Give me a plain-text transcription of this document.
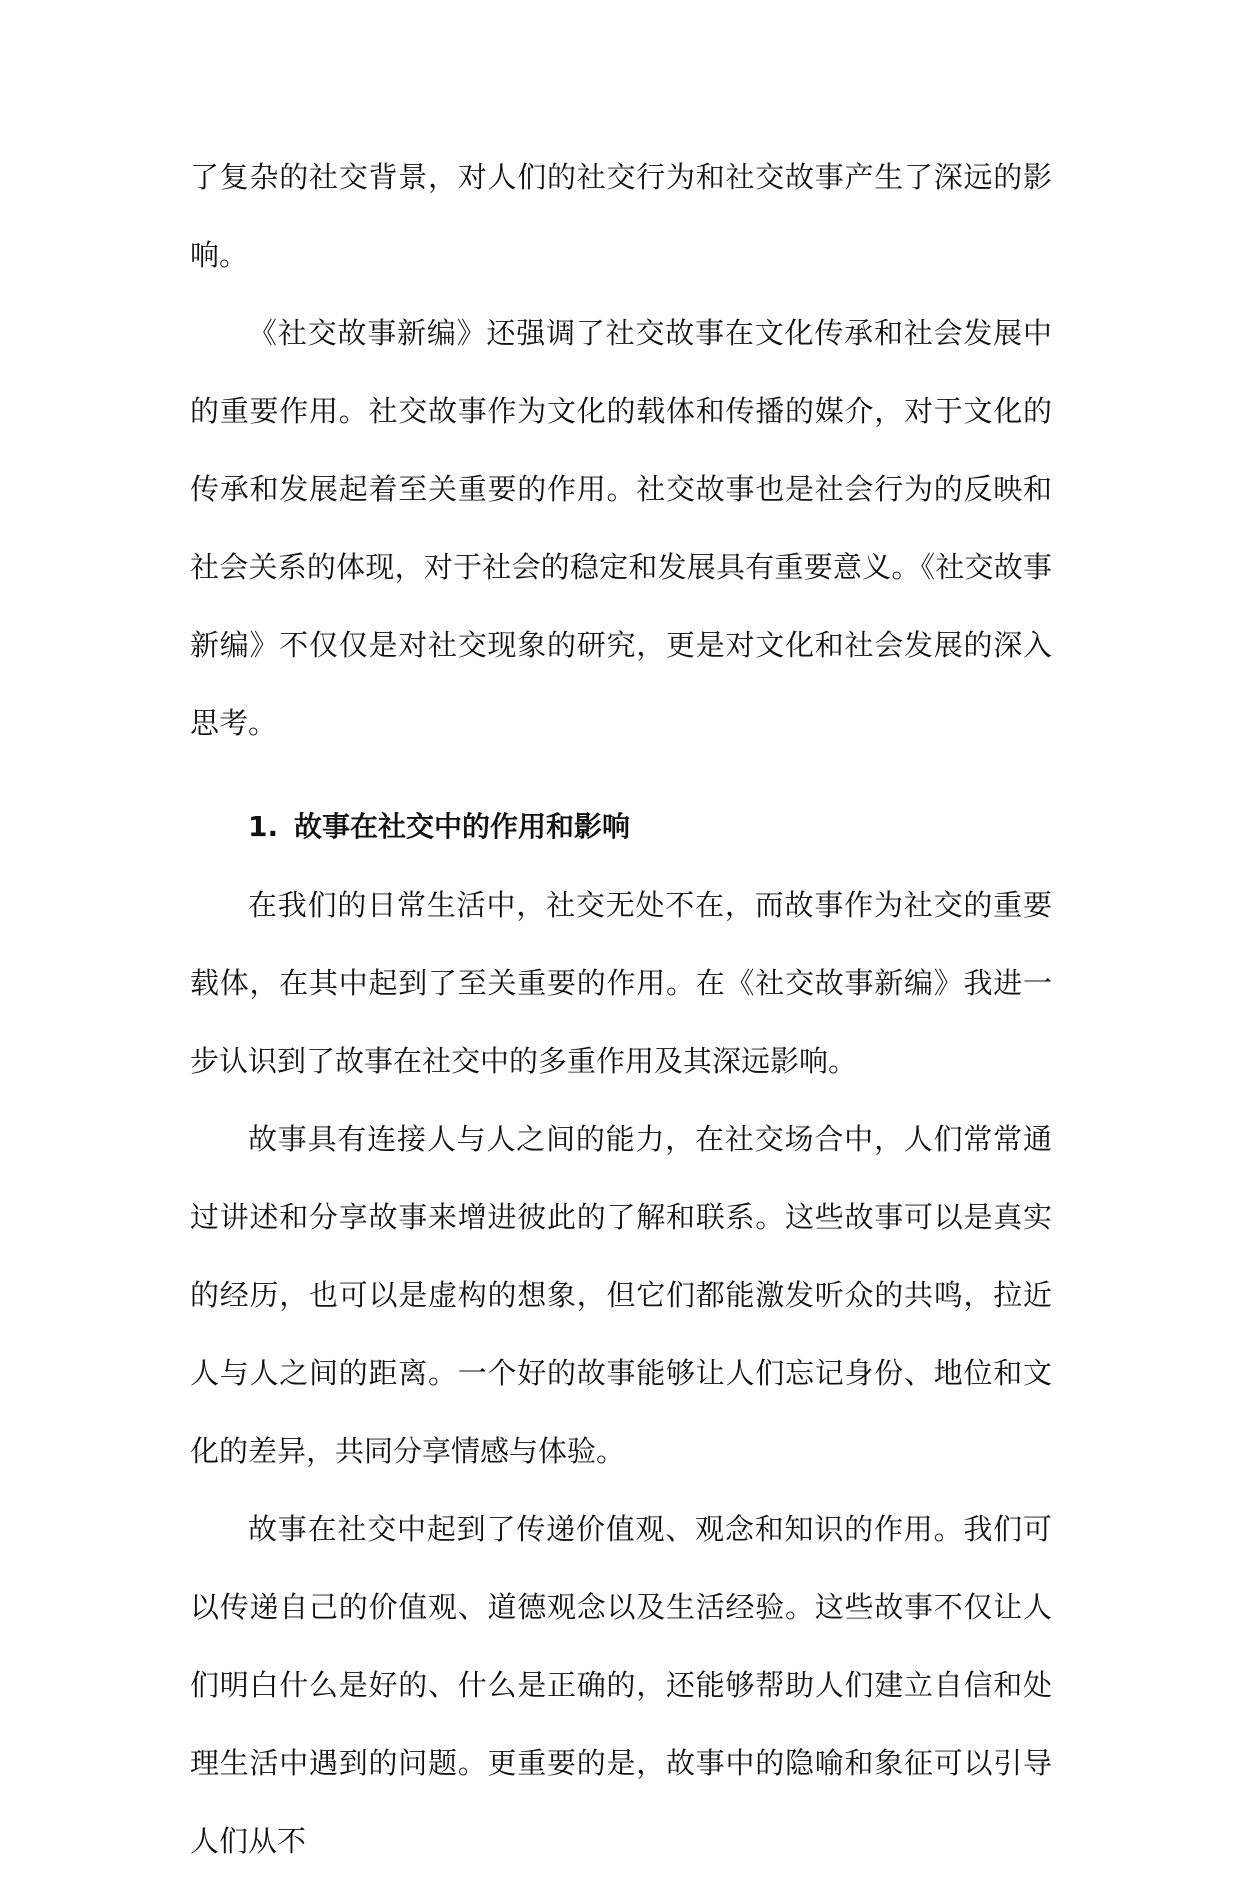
了复杂的社交背景，对人们的社交行为和社交故事产生了深远的影响。

《社交故事新编》还强调了社交故事在文化传承和社会发展中的重要作用。社交故事作为文化的载体和传播的媒介，对于文化的传承和发展起着至关重要的作用。社交故事也是社会行为的反映和社会关系的体现，对于社会的稳定和发展具有重要意义。《社交故事新编》不仅仅是对社交现象的研究，更是对文化和社会发展的深入思考。

1. 故事在社交中的作用和影响

在我们的日常生活中，社交无处不在，而故事作为社交的重要载体，在其中起到了至关重要的作用。在《社交故事新编》我进一步认识到了故事在社交中的多重作用及其深远影响。

故事具有连接人与人之间的能力，在社交场合中，人们常常通过讲述和分享故事来增进彼此的了解和联系。这些故事可以是真实的经历，也可以是虚构的想象，但它们都能激发听众的共鸣，拉近人与人之间的距离。一个好的故事能够让人们忘记身份、地位和文化的差异，共同分享情感与体验。

故事在社交中起到了传递价值观、观念和知识的作用。我们可以传递自己的价值观、道德观念以及生活经验。这些故事不仅让人们明白什么是好的、什么是正确的，还能够帮助人们建立自信和处理生活中遇到的问题。更重要的是，故事中的隐喻和象征可以引导人们从不
